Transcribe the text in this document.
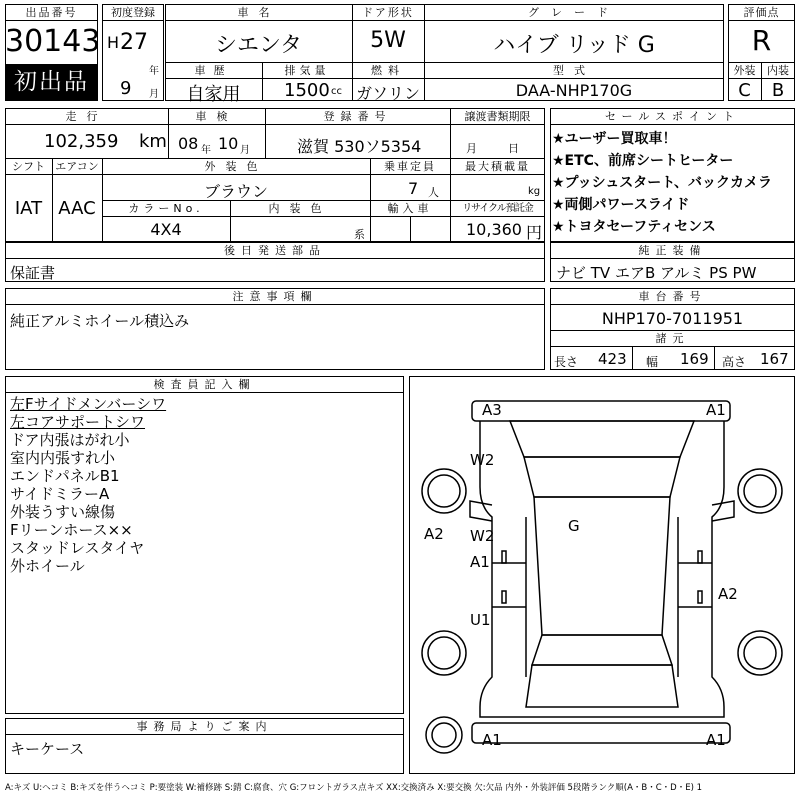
出品番号
30143
初出品
初度登録
H 27
年
9 月
車名
シエンタ
ドア形状
5W
グレード
ハイブ リッド G
車歴
自家用
排気量
1500 cc
燃料
ガソリン
型式
DAA-NHP170G
評価点
R
外装	内装
C	B
走行
102,359 km
車検
08 年 10 月
登録番号
滋賀 530ソ5354
譲渡書類期限
月	日
シフト
IAT
エアコン
AAC
外装色
ブラウン
乗車定員
7 人
最大積載量
kg
カラーNo.
4X4
内装色
系
輸入車	リサイクル預託金
10,360 円
セールスポイント
★ユーザー買取車！
★ETC、前席シートヒーター
★プッシュスタート、バックカメラ
★両側パワースライド
★トヨタセーフティセンス
後日発送部品
保証書
純正装備
ナビ TV エアB アルミ PS PW
注意事項欄
純正アルミホイール積込み
車台番号
NHP170-7011951
諸元
長さ 423 幅 169 高さ 167
検査員記入欄
左Fサイドメンバーシワ
左コアサポートシワ
ドア内張はがれ小
室内内張すれ小
エンドパネルB1
サイドミラーA
外装うすい線傷
Fリーンホース××
スタッドレスタイヤ
外ホイール
事務局よりご案内
キーケース
A3	A1
W2
A2 W2
A1
G
U1
A2
A1	A1
A:キズ U:ヘコミ B:キズを伴うヘコミ P:要塗装 W:補修跡 S:錆 C:腐食、穴 G:フロントガラス点キズ XX:交換済み X:要交換 欠:欠品 内外・外装評価 5段階ランク順(A・B・C・D・E) 1
